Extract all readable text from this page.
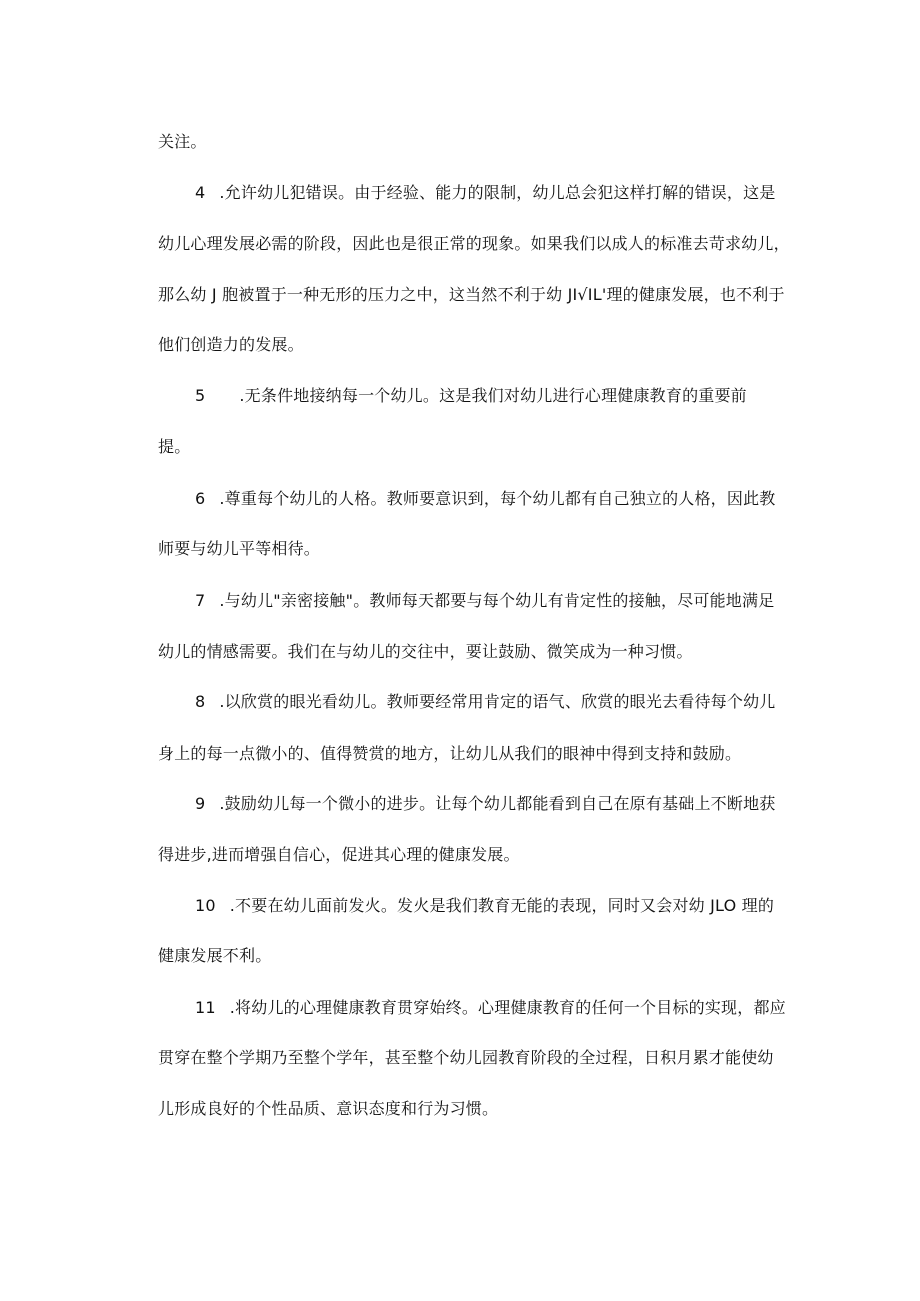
关注。
4 .允许幼儿犯错误。由于经验、能力的限制，幼儿总会犯这样打解的错误，这是
幼儿心理发展必需的阶段，因此也是很正常的现象。如果我们以成人的标准去苛求幼儿，
那么幼 J 胞被置于一种无形的压力之中，这当然不利于幼 JI√IL'理的健康发展，也不利于
他们创造力的发展。
5 .无条件地接纳每一个幼儿。这是我们对幼儿进行心理健康教育的重要前
提。
6 .尊重每个幼儿的人格。教师要意识到，每个幼儿都有自己独立的人格，因此教
师要与幼儿平等相待。
7 .与幼儿"亲密接触"。教师每天都要与每个幼儿有肯定性的接触，尽可能地满足
幼儿的情感需要。我们在与幼儿的交往中，要让鼓励、微笑成为一种习惯。
8 .以欣赏的眼光看幼儿。教师要经常用肯定的语气、欣赏的眼光去看待每个幼儿
身上的每一点微小的、值得赞赏的地方，让幼儿从我们的眼神中得到支持和鼓励。
9 .鼓励幼儿每一个微小的进步。让每个幼儿都能看到自己在原有基础上不断地获
得进步,进而增强自信心，促进其心理的健康发展。
10 .不要在幼儿面前发火。发火是我们教育无能的表现，同时又会对幼 JLO 理的
健康发展不利。
11 .将幼儿的心理健康教育贯穿始终。心理健康教育的任何一个目标的实现，都应
贯穿在整个学期乃至整个学年，甚至整个幼儿园教育阶段的全过程，日积月累才能使幼
儿形成良好的个性品质、意识态度和行为习惯。
